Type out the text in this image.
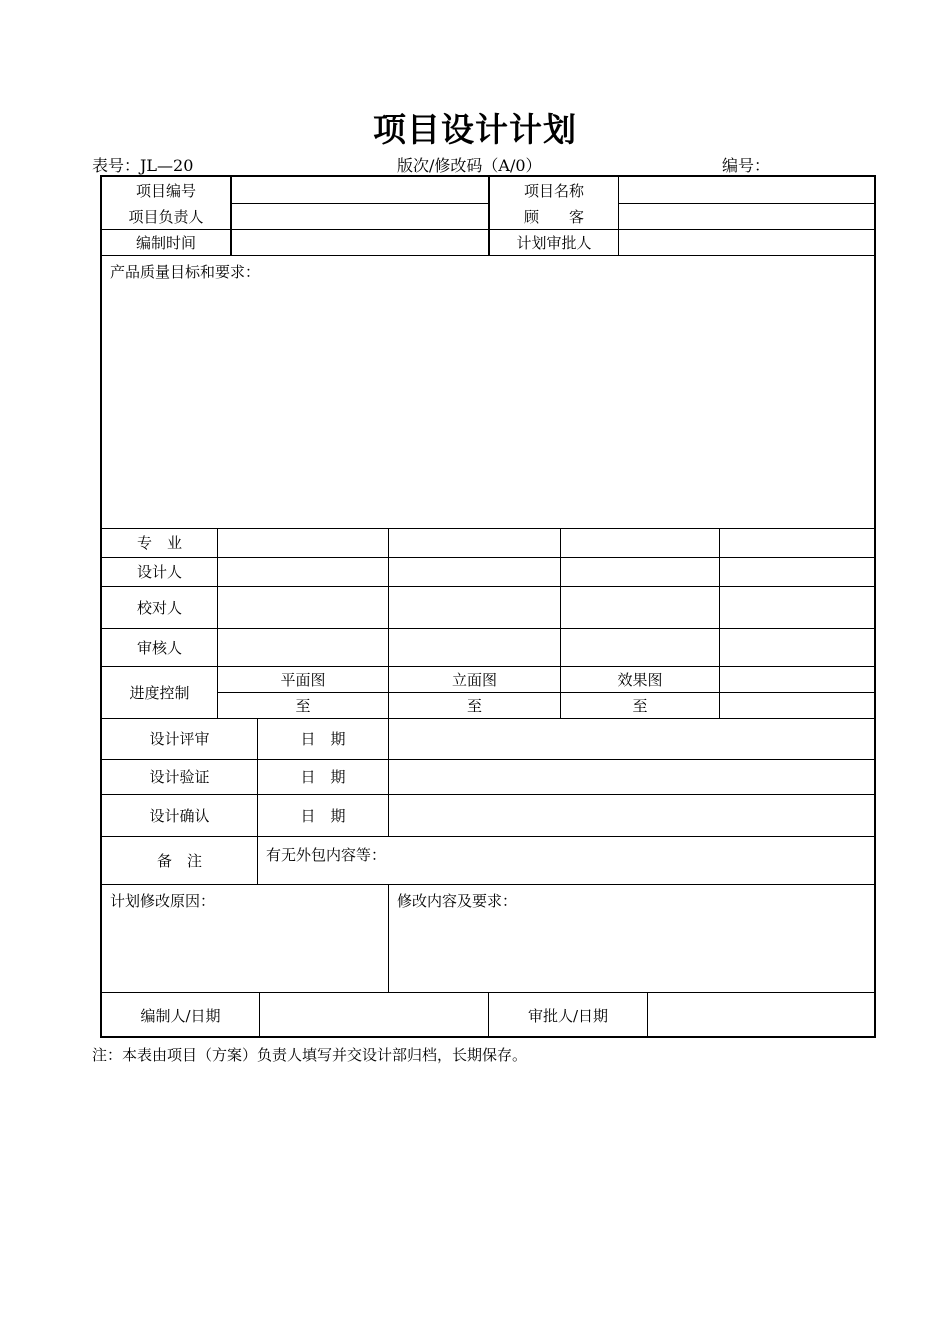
项目设计计划
表号：JL—20	版次/修改码（A/0）	编号：
项目编号	项目名称
项目负责人	顾　　客
编制时间	计划审批人
产品质量目标和要求：
专　业
设计人
校对人
审核人
进度控制
平面图	立面图	效果图
至	至	至
设计评审	日　期
设计验证	日　期
设计确认	日　期
备　注	有无外包内容等：
计划修改原因：	修改内容及要求：
编制人/日期	审批人/日期
注：本表由项目（方案）负责人填写并交设计部归档，长期保存。
